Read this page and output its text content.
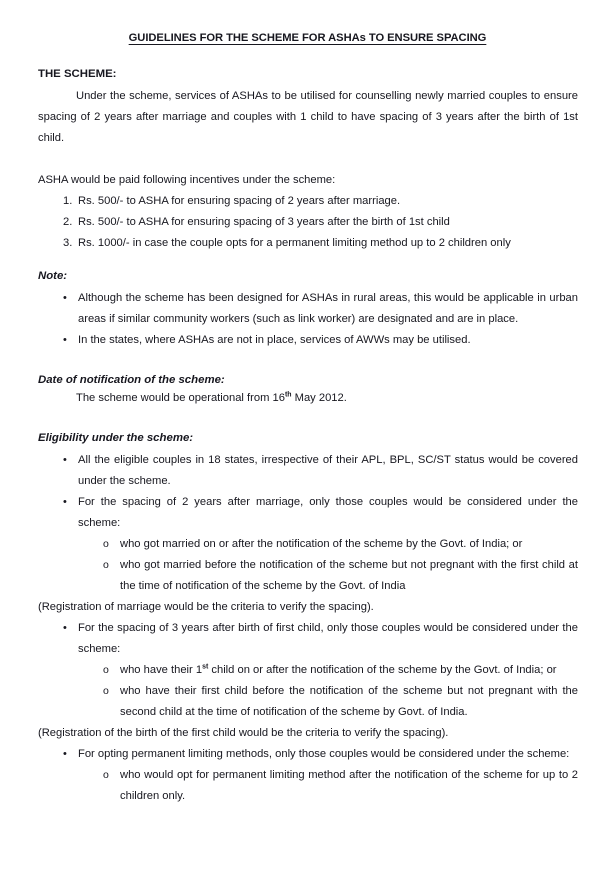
GUIDELINES FOR THE SCHEME FOR ASHAs TO ENSURE SPACING
THE SCHEME:

Under the scheme, services of ASHAs to be utilised for counselling newly married couples to ensure spacing of 2 years after marriage and couples with 1 child to have spacing of 3 years after the birth of 1st child.

ASHA would be paid following incentives under the scheme:

1. Rs. 500/- to ASHA for ensuring spacing of 2 years after marriage.
2. Rs. 500/- to ASHA for ensuring spacing of 3 years after the birth of 1st child
3. Rs. 1000/- in case the couple opts for a permanent limiting method up to 2 children only
Note:
• Although the scheme has been designed for ASHAs in rural areas, this would be applicable in urban areas if similar community workers (such as link worker) are designated and are in place.
• In the states, where ASHAs are not in place, services of AWWs may be utilised.
Date of notification of the scheme:

The scheme would be operational from 16th May 2012.

Eligibility under the scheme:
• All the eligible couples in 18 states, irrespective of their APL, BPL, SC/ST status would be covered under the scheme.
• For the spacing of 2 years after marriage, only those couples would be considered under the scheme:
o who got married on or after the notification of the scheme by the Govt. of India; or
o who got married before the notification of the scheme but not pregnant with the first child at the time of notification of the scheme by the Govt. of India

(Registration of marriage would be the criteria to verify the spacing).

• For the spacing of 3 years after birth of first child, only those couples would be considered under the scheme:
o who have their 1st child on or after the notification of the scheme by the Govt. of India; or
o who have their first child before the notification of the scheme but not pregnant with the second child at the time of notification of the scheme by Govt. of India.

(Registration of the birth of the first child would be the criteria to verify the spacing).

• For opting permanent limiting methods, only those couples would be considered under the scheme:
o who would opt for permanent limiting method after the notification of the scheme for up to 2 children only.
